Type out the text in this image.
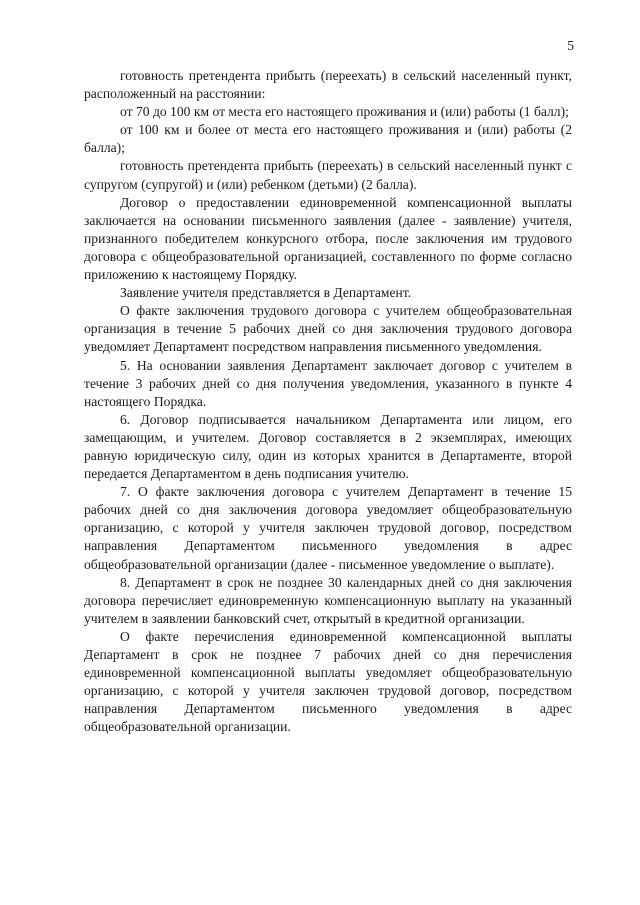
5

готовность претендента прибыть (переехать) в сельский населенный пункт, расположенный на расстоянии:

от 70 до 100 км от места его настоящего проживания и (или) работы (1 балл);

от 100 км и более от места его настоящего проживания и (или) работы (2 балла);

готовность претендента прибыть (переехать) в сельский населенный пункт с супругом (супругой) и (или) ребенком (детьми) (2 балла).

Договор о предоставлении единовременной компенсационной выплаты заключается на основании письменного заявления (далее - заявление) учителя, признанного победителем конкурсного отбора, после заключения им трудового договора с общеобразовательной организацией, составленного по форме согласно приложению к настоящему Порядку.

Заявление учителя представляется в Департамент.

О факте заключения трудового договора с учителем общеобразовательная организация в течение 5 рабочих дней со дня заключения трудового договора уведомляет Департамент посредством направления письменного уведомления.

5. На основании заявления Департамент заключает договор с учителем в течение 3 рабочих дней со дня получения уведомления, указанного в пункте 4 настоящего Порядка.

6. Договор подписывается начальником Департамента или лицом, его замещающим, и учителем. Договор составляется в 2 экземплярах, имеющих равную юридическую силу, один из которых хранится в Департаменте, второй передается Департаментом в день подписания учителю.

7. О факте заключения договора с учителем Департамент в течение 15 рабочих дней со дня заключения договора уведомляет общеобразовательную организацию, с которой у учителя заключен трудовой договор, посредством направления Департаментом письменного уведомления в адрес общеобразовательной организации (далее - письменное уведомление о выплате).

8. Департамент в срок не позднее 30 календарных дней со дня заключения договора перечисляет единовременную компенсационную выплату на указанный учителем в заявлении банковский счет, открытый в кредитной организации.

О факте перечисления единовременной компенсационной выплаты Департамент в срок не позднее 7 рабочих дней со дня перечисления единовременной компенсационной выплаты уведомляет общеобразовательную организацию, с которой у учителя заключен трудовой договор, посредством направления Департаментом письменного уведомления в адрес общеобразовательной организации.
